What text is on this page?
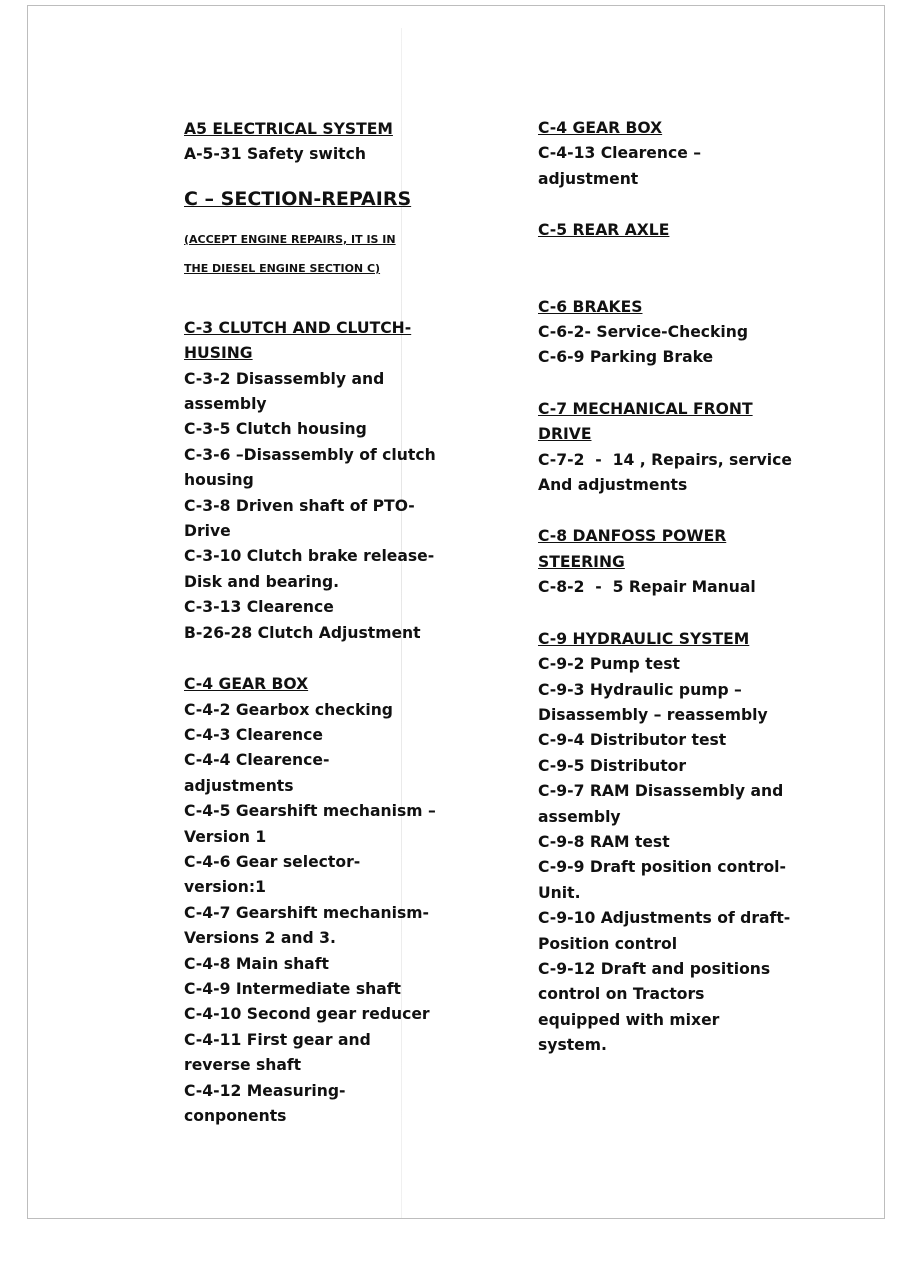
A5 ELECTRICAL SYSTEM

A-5-31 Safety switch

C – SECTION-REPAIRS

(ACCEPT ENGINE REPAIRS, IT IS IN

THE DIESEL ENGINE SECTION C)

C-3 CLUTCH AND CLUTCH-

HUSING

C-3-2 Disassembly and

assembly

C-3-5 Clutch housing

C-3-6 –Disassembly of clutch

housing

C-3-8 Driven shaft of PTO-

Drive

C-3-10 Clutch brake release-

Disk and bearing.

C-3-13 Clearence

B-26-28 Clutch Adjustment

C-4 GEAR BOX

C-4-2 Gearbox checking

C-4-3 Clearence

C-4-4 Clearence-

adjustments

C-4-5 Gearshift mechanism –

Version 1

C-4-6 Gear selector-

version:1

C-4-7 Gearshift mechanism-

Versions 2 and 3.

C-4-8 Main shaft

C-4-9 Intermediate shaft

C-4-10 Second gear reducer

C-4-11 First gear and

reverse shaft

C-4-12 Measuring-

conponents

C-4 GEAR BOX

C-4-13 Clearence –

adjustment

C-5 REAR AXLE

C-6 BRAKES

C-6-2- Service-Checking

C-6-9 Parking Brake

C-7 MECHANICAL FRONT

DRIVE

C-7-2  -  14 , Repairs, service

And adjustments

C-8 DANFOSS POWER

STEERING

C-8-2  -  5 Repair Manual

C-9 HYDRAULIC SYSTEM

C-9-2 Pump test

C-9-3 Hydraulic pump –

Disassembly – reassembly

C-9-4 Distributor test

C-9-5 Distributor

C-9-7 RAM Disassembly and

assembly

C-9-8 RAM test

C-9-9 Draft position control-

Unit.

C-9-10 Adjustments of draft-

Position control

C-9-12 Draft and positions

control on Tractors

equipped with mixer

system.
